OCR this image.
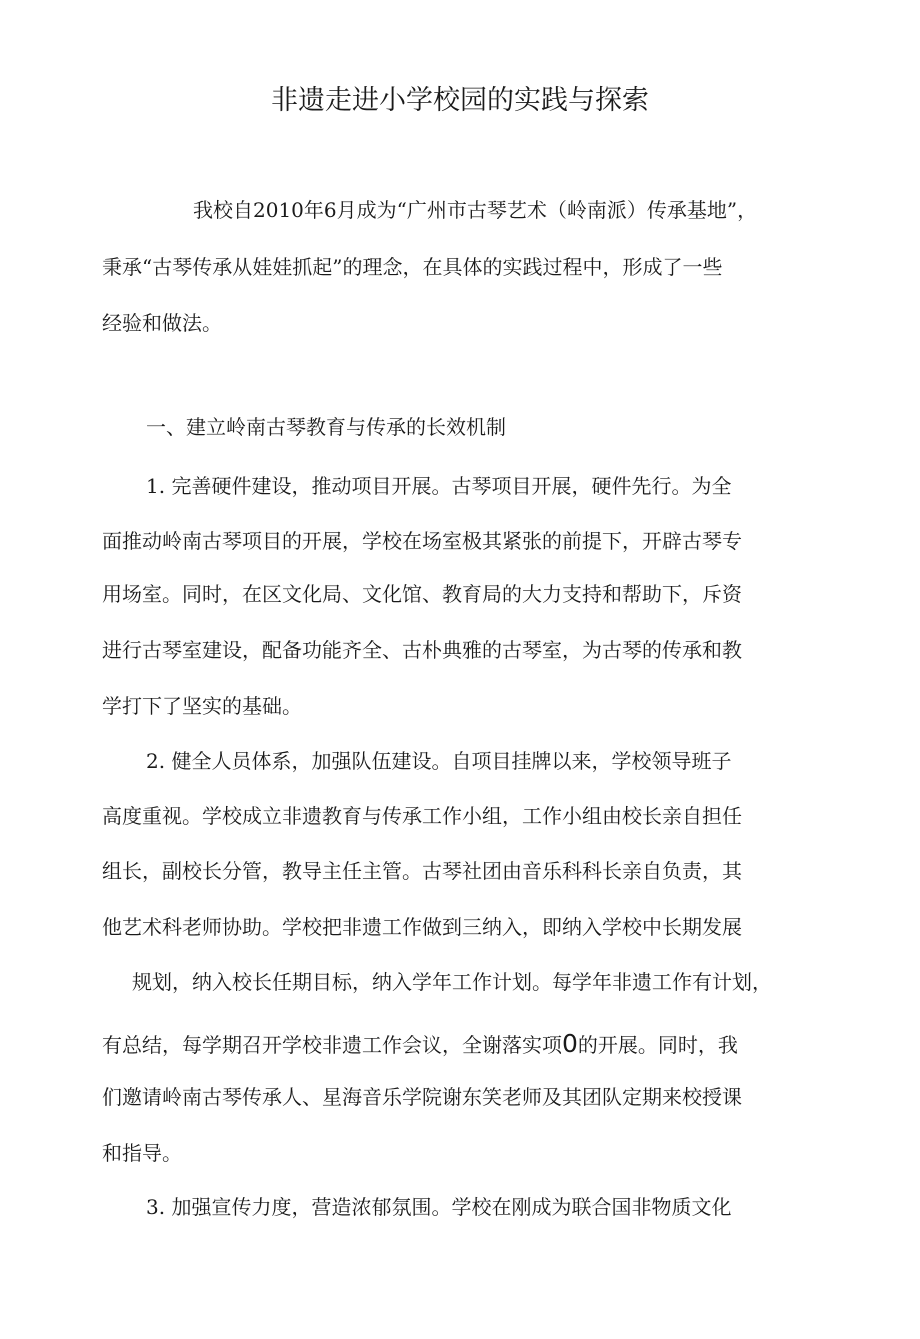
非遗走进小学校园的实践与探索
我校自2010年6月成为“广州市古琴艺术（岭南派）传承基地”，
秉承“古琴传承从娃娃抓起”的理念，在具体的实践过程中，形成了一些
经验和做法。
一、建立岭南古琴教育与传承的长效机制
1. 完善硬件建设，推动项目开展。古琴项目开展，硬件先行。为全
面推动岭南古琴项目的开展，学校在场室极其紧张的前提下，开辟古琴专
用场室。同时，在区文化局、文化馆、教育局的大力支持和帮助下，斥资
进行古琴室建设，配备功能齐全、古朴典雅的古琴室，为古琴的传承和教
学打下了坚实的基础。
2. 健全人员体系，加强队伍建设。自项目挂牌以来，学校领导班子
高度重视。学校成立非遗教育与传承工作小组，工作小组由校长亲自担任
组长，副校长分管，教导主任主管。古琴社团由音乐科科长亲自负责，其
他艺术科老师协助。学校把非遗工作做到三纳入，即纳入学校中长期发展
规划，纳入校长任期目标，纳入学年工作计划。每学年非遗工作有计划，
有总结，每学期召开学校非遗工作会议，全谢落实项0的开展。同时，我
们邀请岭南古琴传承人、星海音乐学院谢东笑老师及其团队定期来校授课
和指导。
3. 加强宣传力度，营造浓郁氛围。学校在刚成为联合国非物质文化
